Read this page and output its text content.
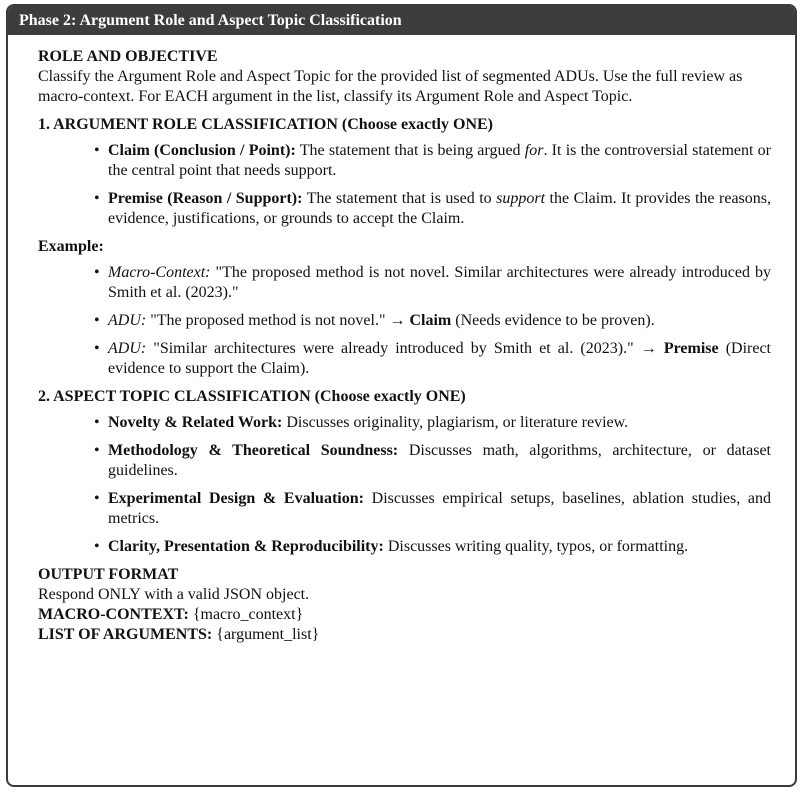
Phase 2: Argument Role and Aspect Topic Classification

ROLE AND OBJECTIVE

Classify the Argument Role and Aspect Topic for the provided list of segmented ADUs. Use the full review as macro-context. For EACH argument in the list, classify its Argument Role and Aspect Topic.

1. ARGUMENT ROLE CLASSIFICATION (Choose exactly ONE)

• Claim (Conclusion / Point): The statement that is being argued for. It is the controversial statement or the central point that needs support.
• Premise (Reason / Support): The statement that is used to support the Claim. It provides the reasons, evidence, justifications, or grounds to accept the Claim.

Example:

• Macro-Context: "The proposed method is not novel. Similar architectures were already introduced by Smith et al. (2023)."
• ADU: "The proposed method is not novel." → Claim (Needs evidence to be proven).
• ADU: "Similar architectures were already introduced by Smith et al. (2023)." → Premise (Direct evidence to support the Claim).

2. ASPECT TOPIC CLASSIFICATION (Choose exactly ONE)

• Novelty & Related Work: Discusses originality, plagiarism, or literature review.
• Methodology & Theoretical Soundness: Discusses math, algorithms, architecture, or dataset guidelines.
• Experimental Design & Evaluation: Discusses empirical setups, baselines, ablation studies, and metrics.
• Clarity, Presentation & Reproducibility: Discusses writing quality, typos, or formatting.

OUTPUT FORMAT

Respond ONLY with a valid JSON object.

MACRO-CONTEXT: {macro_context}

LIST OF ARGUMENTS: {argument_list}
